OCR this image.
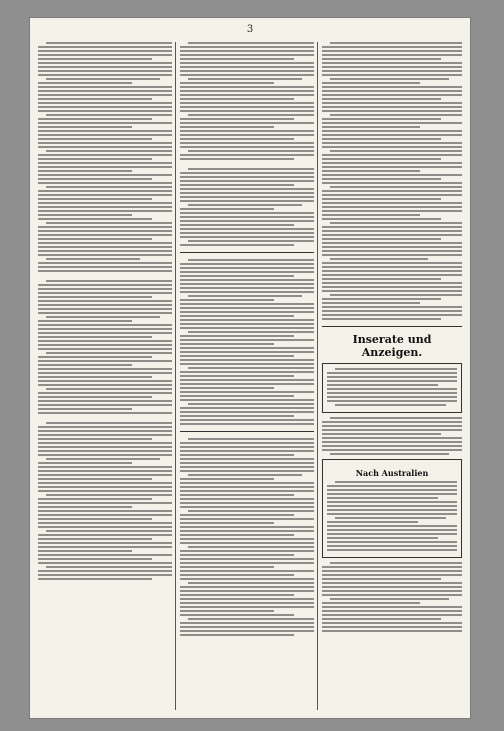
3
Inserate und Anzeigen.
Nach Australien
